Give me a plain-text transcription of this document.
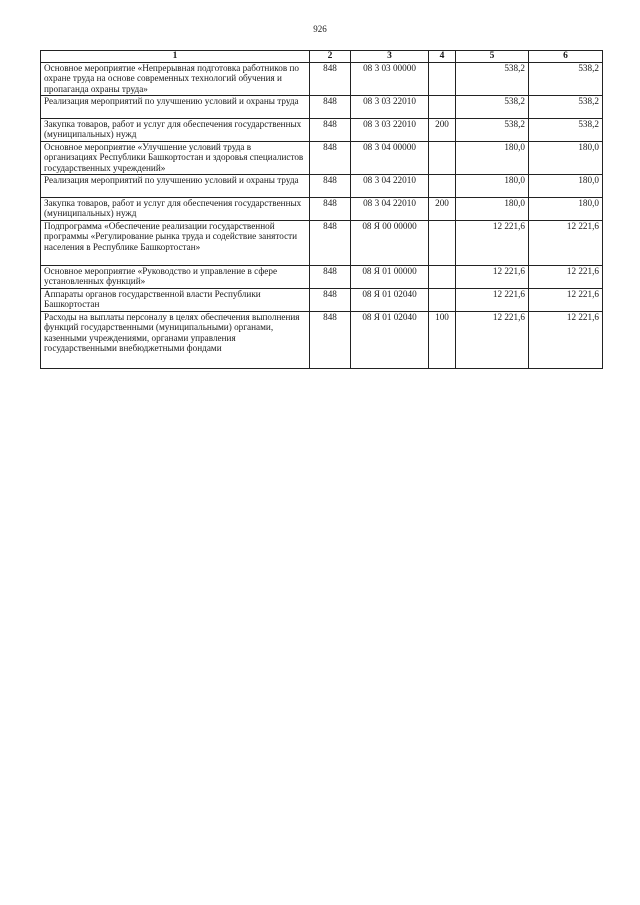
926
1	2	3	4	5	6
Основное мероприятие «Непрерывная подготовка работников по охране труда на основе современных технологий обучения и пропаганда охраны труда»	848	08 3 03 00000		538,2	538,2
Реализация мероприятий по улучшению условий и охраны труда	848	08 3 03 22010		538,2	538,2
Закупка товаров, работ и услуг для обеспечения государственных (муниципальных) нужд	848	08 3 03 22010	200	538,2	538,2
Основное мероприятие «Улучшение условий труда в организациях Республики Башкортостан и здоровья специалистов государственных учреждений»	848	08 3 04 00000		180,0	180,0
Реализация мероприятий по улучшению условий и охраны труда	848	08 3 04 22010		180,0	180,0
Закупка товаров, работ и услуг для обеспечения государственных (муниципальных) нужд	848	08 3 04 22010	200	180,0	180,0
Подпрограмма «Обеспечение реализации государственной программы «Регулирование рынка труда и содействие занятости населения в Республике Башкортостан»	848	08 Я 00 00000		12 221,6	12 221,6
Основное мероприятие «Руководство и управление в сфере установленных функций»	848	08 Я 01 00000		12 221,6	12 221,6
Аппараты органов государственной власти Республики Башкортостан	848	08 Я 01 02040		12 221,6	12 221,6
Расходы на выплаты персоналу в целях обеспечения выполнения функций государственными (муниципальными) органами, казенными учреждениями, органами управления государственными внебюджетными фондами	848	08 Я 01 02040	100	12 221,6	12 221,6
